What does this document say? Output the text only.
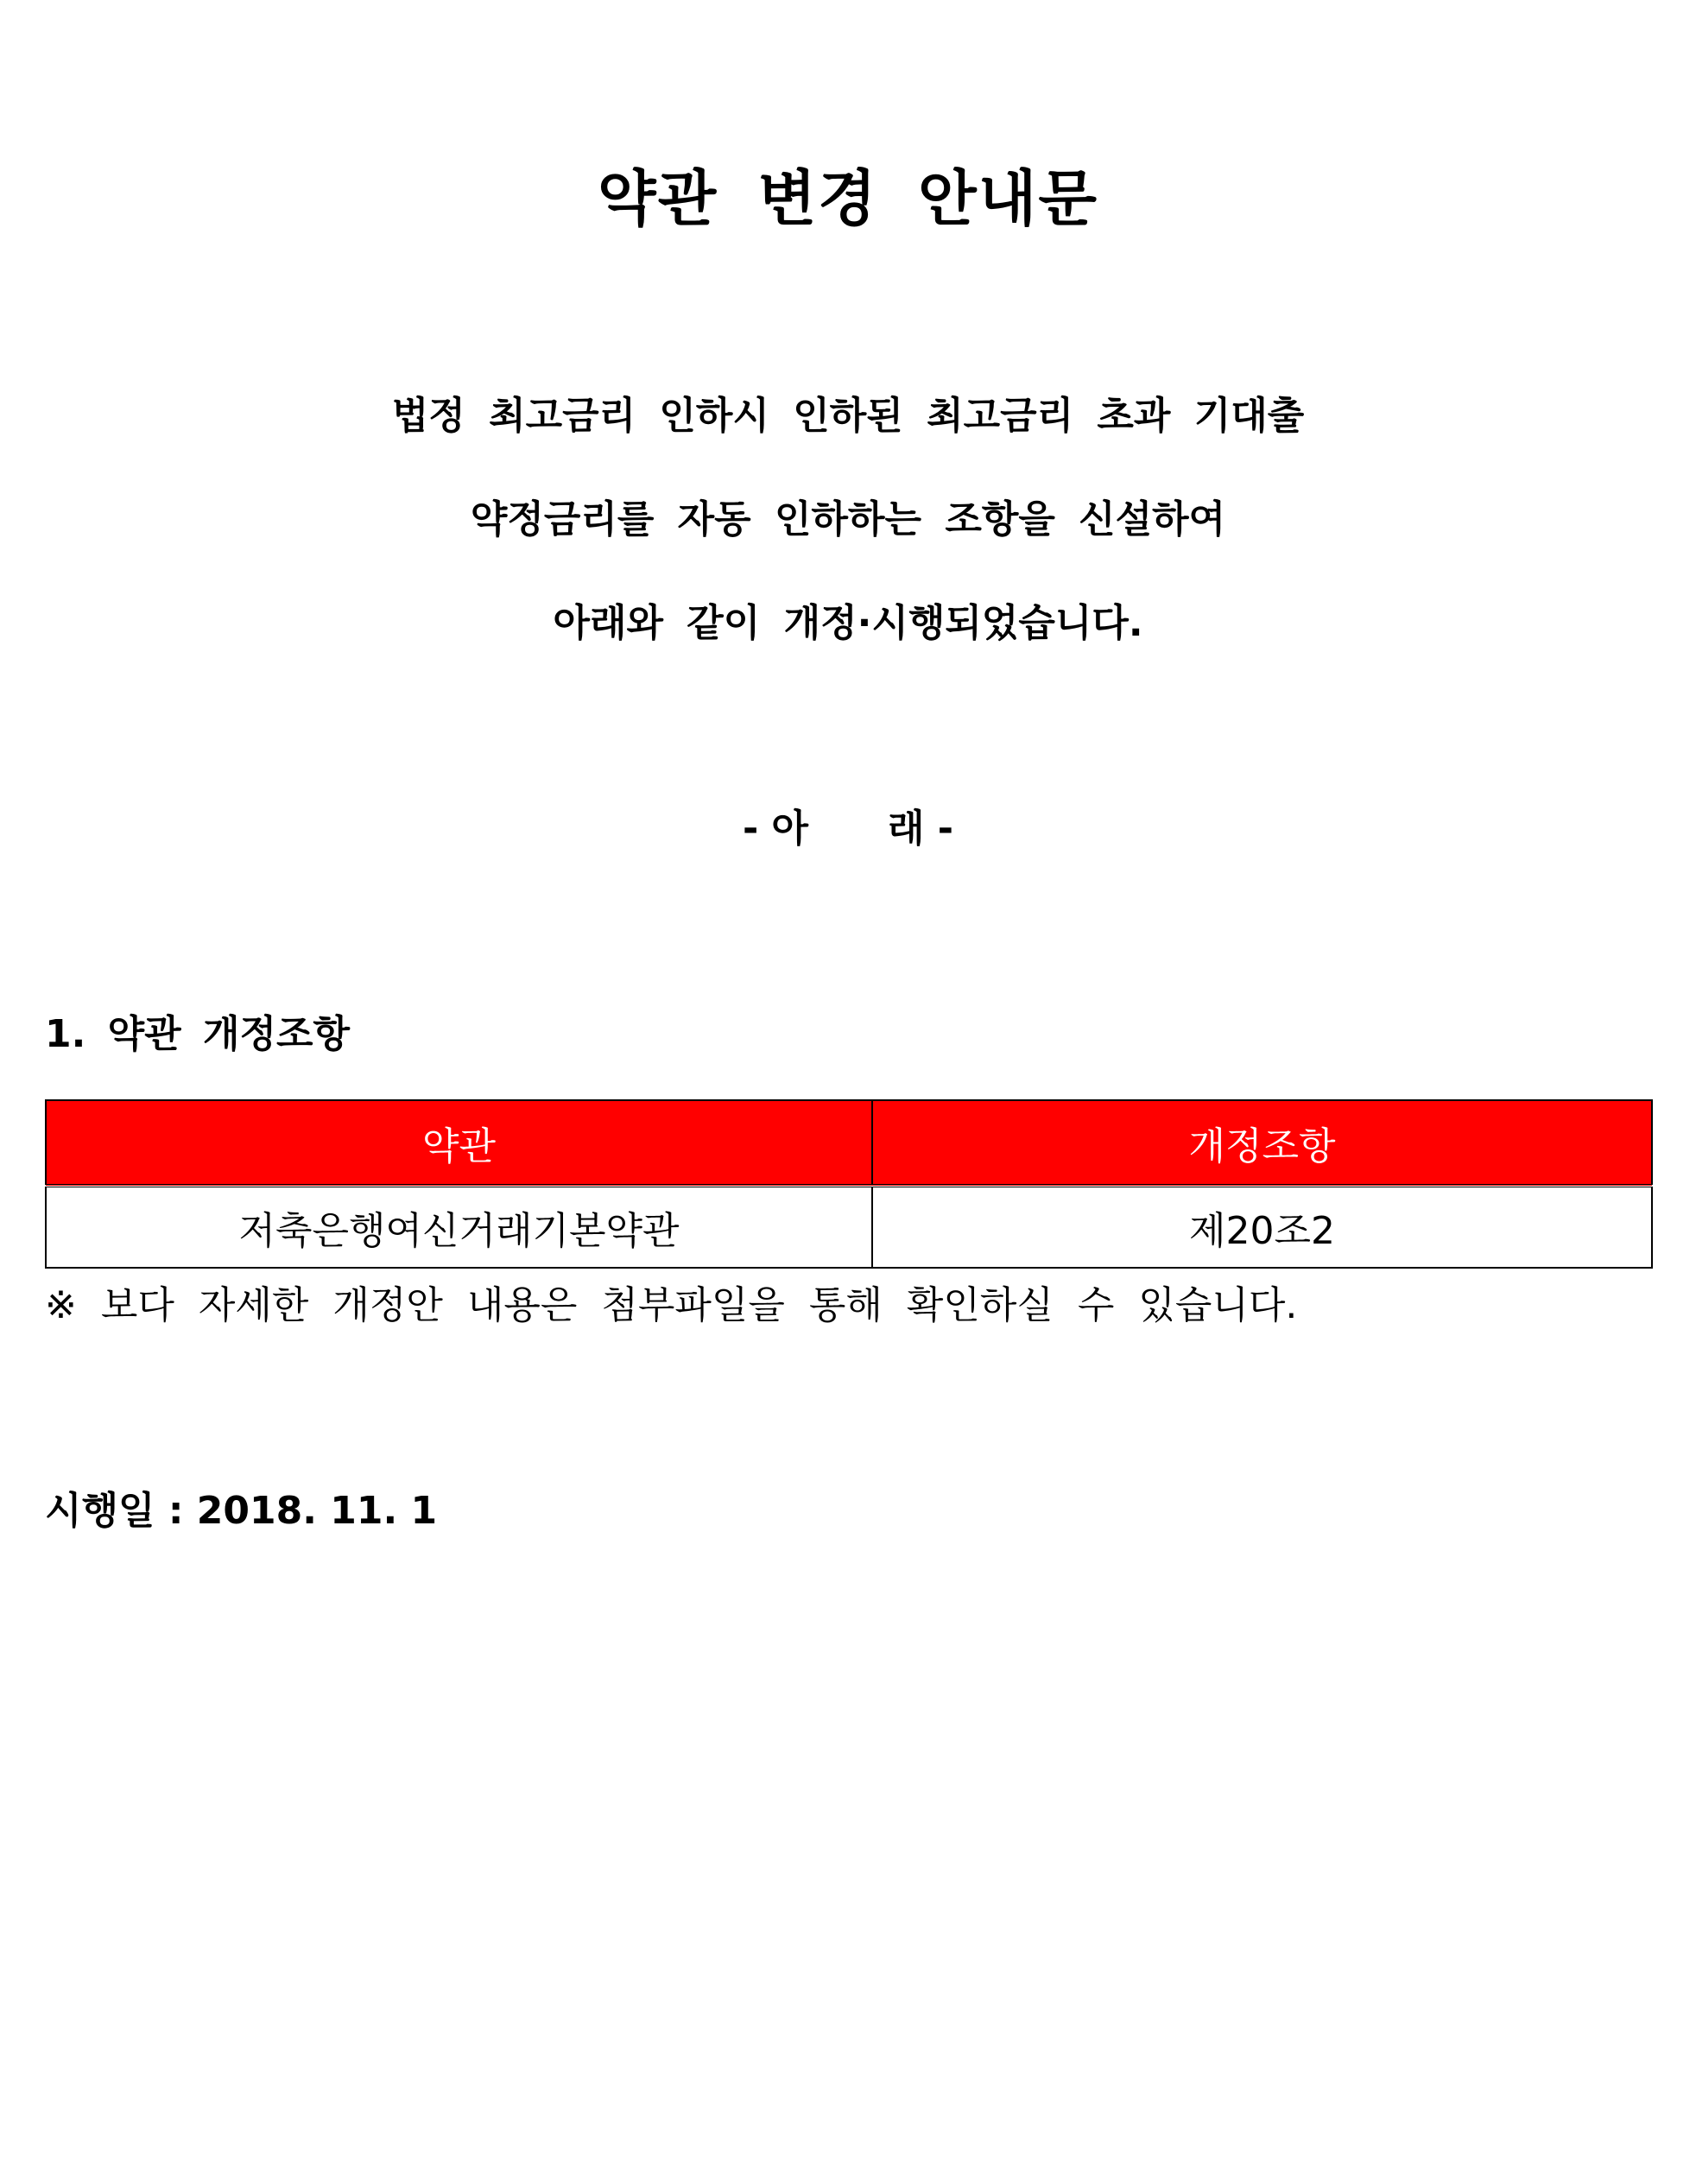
약관 변경 안내문
법정 최고금리 인하시 인하된 최고금리 초과 기대출
약정금리를 자동 인하하는 조항을 신설하여
아래와 같이 개정·시행되었습니다.
- 아      래 -
1. 약관 개정조항
약관	개정조항
저축은행여신거래기본약관	제20조2
※ 보다 자세한 개정안 내용은 첨부파일을 통해 확인하실 수 있습니다.
시행일 : 2018. 11. 1
